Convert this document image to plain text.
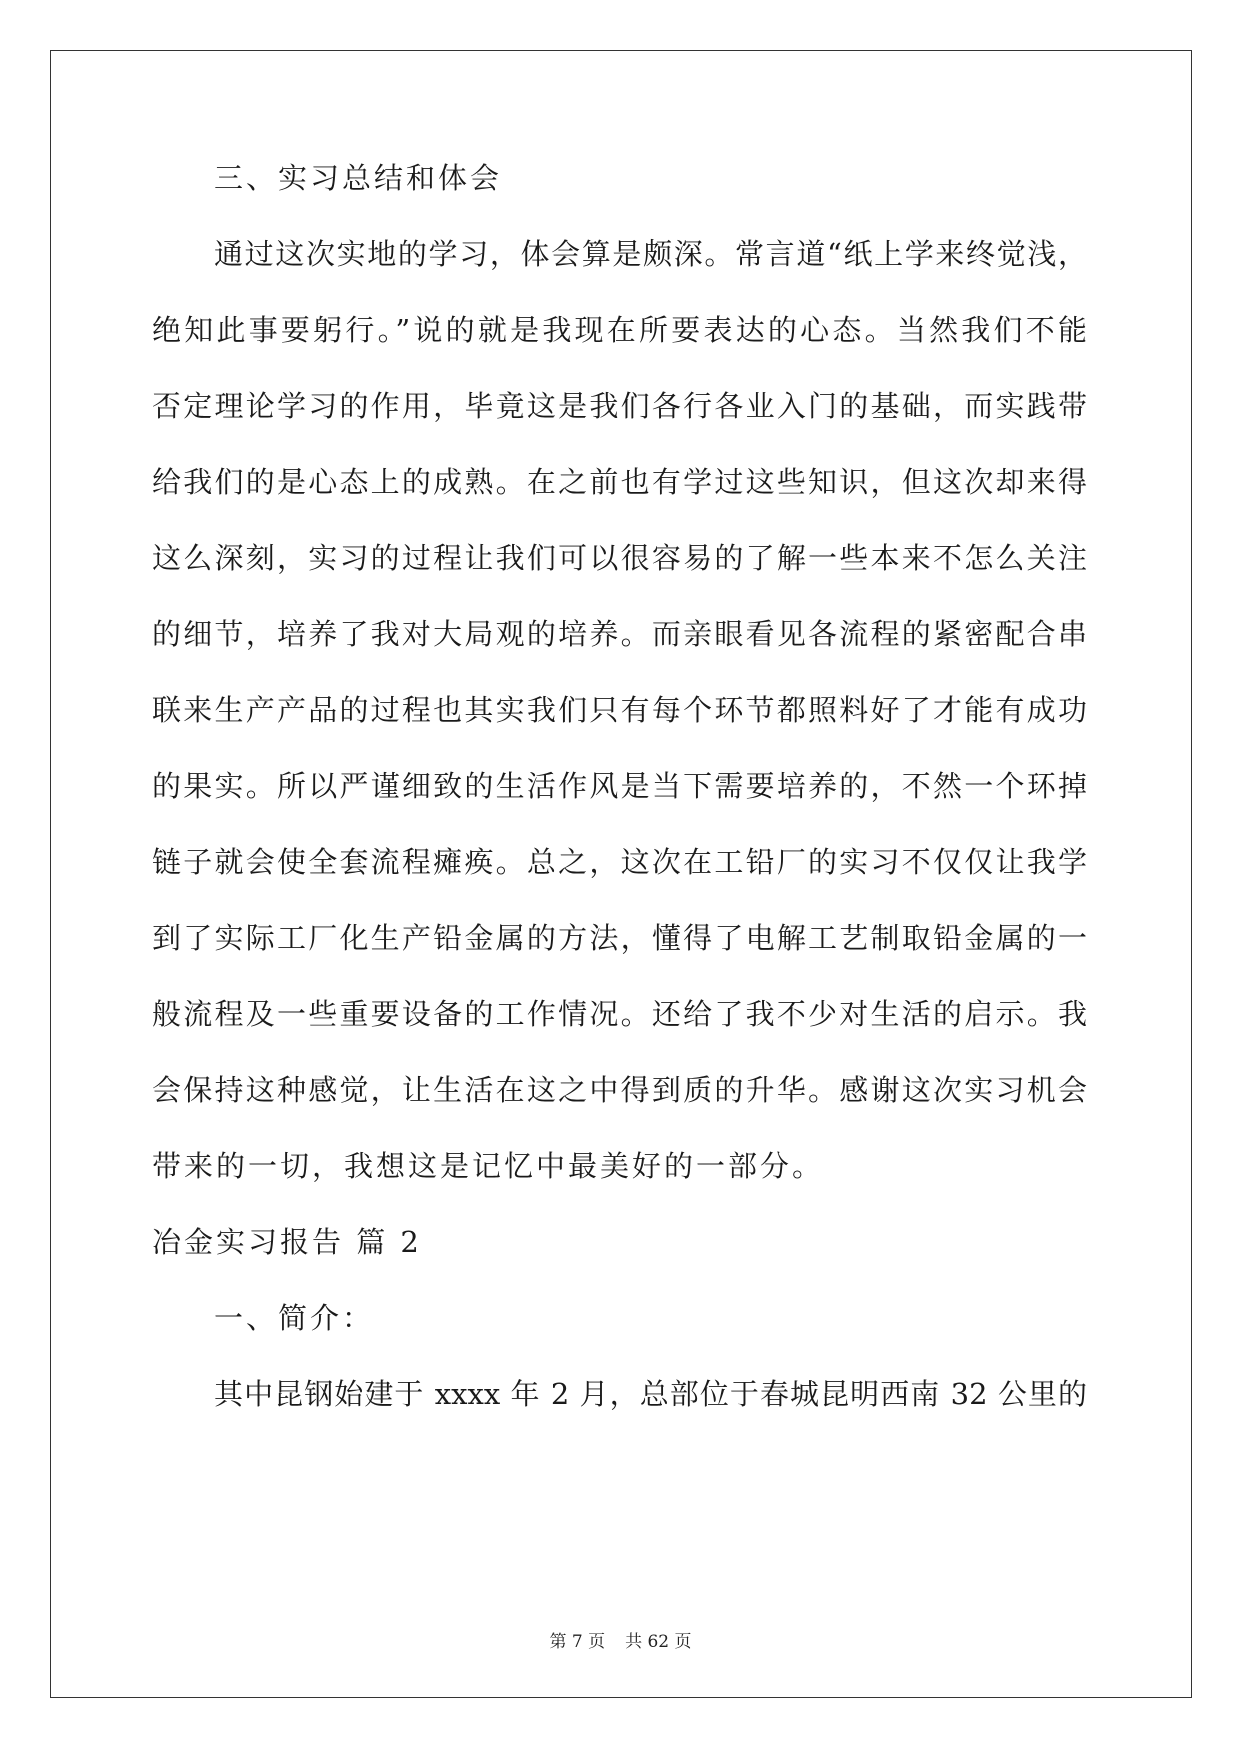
三、实习总结和体会
通过这次实地的学习，体会算是颇深。常言道“纸上学来终觉浅，
绝知此事要躬行。”说的就是我现在所要表达的心态。当然我们不能
否定理论学习的作用，毕竟这是我们各行各业入门的基础，而实践带
给我们的是心态上的成熟。在之前也有学过这些知识，但这次却来得
这么深刻，实习的过程让我们可以很容易的了解一些本来不怎么关注
的细节，培养了我对大局观的培养。而亲眼看见各流程的紧密配合串
联来生产产品的过程也其实我们只有每个环节都照料好了才能有成功
的果实。所以严谨细致的生活作风是当下需要培养的，不然一个环掉
链子就会使全套流程瘫痪。总之，这次在工铅厂的实习不仅仅让我学
到了实际工厂化生产铅金属的方法，懂得了电解工艺制取铅金属的一
般流程及一些重要设备的工作情况。还给了我不少对生活的启示。我
会保持这种感觉，让生活在这之中得到质的升华。感谢这次实习机会
带来的一切，我想这是记忆中最美好的一部分。
冶金实习报告 篇 2
一、简介：
其中昆钢始建于 xxxx 年 2 月，总部位于春城昆明西南 32 公里的
第 7 页 共 62 页
